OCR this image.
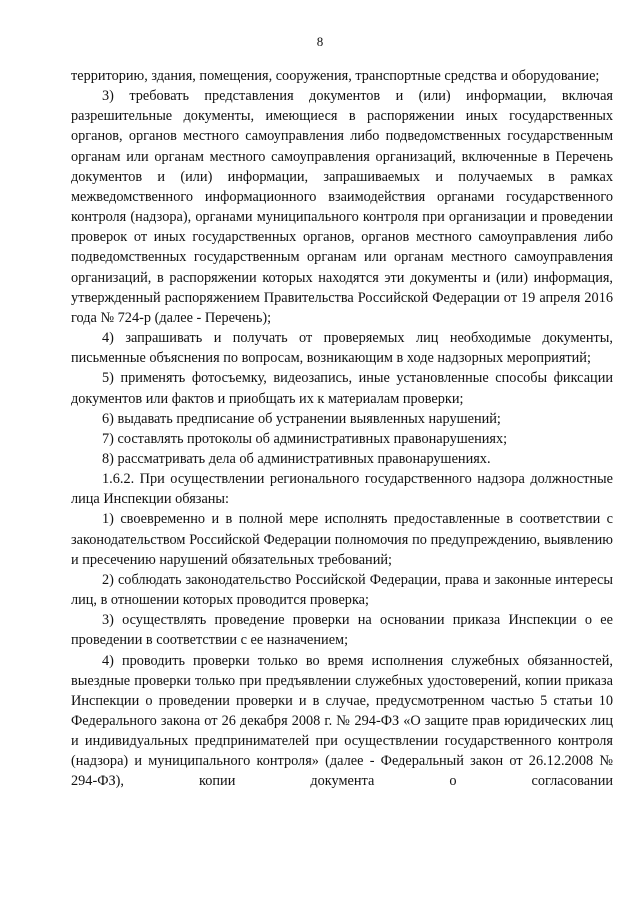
8

территорию, здания, помещения, сооружения, транспортные средства и оборудование;

3) требовать представления документов и (или) информации, включая разрешительные документы, имеющиеся в распоряжении иных государственных органов, органов местного самоуправления либо подведомственных государственным органам или органам местного самоуправления организаций, включенные в Перечень документов и (или) информации, запрашиваемых и получаемых в рамках межведомственного информационного взаимодействия органами государственного контроля (надзора), органами муниципального контроля при организации и проведении проверок от иных государственных органов, органов местного самоуправления либо подведомственных государственным органам или органам местного самоуправления организаций, в распоряжении которых находятся эти документы и (или) информация, утвержденный распоряжением Правительства Российской Федерации от 19 апреля 2016 года № 724-р (далее - Перечень);

4) запрашивать и получать от проверяемых лиц необходимые документы, письменные объяснения по вопросам, возникающим в ходе надзорных мероприятий;

5) применять фотосъемку, видеозапись, иные установленные способы фиксации документов или фактов и приобщать их к материалам проверки;

6) выдавать предписание об устранении выявленных нарушений;

7) составлять протоколы об административных правонарушениях;

8) рассматривать дела об административных правонарушениях.

1.6.2. При осуществлении регионального государственного надзора должностные лица Инспекции обязаны:

1) своевременно и в полной мере исполнять предоставленные в соответствии с законодательством Российской Федерации полномочия по предупреждению, выявлению и пресечению нарушений обязательных требований;

2) соблюдать законодательство Российской Федерации, права и законные интересы лиц, в отношении которых проводится проверка;

3) осуществлять проведение проверки на основании приказа Инспекции о ее проведении в соответствии с ее назначением;

4) проводить проверки только во время исполнения служебных обязанностей, выездные проверки только при предъявлении служебных удостоверений, копии приказа Инспекции о проведении проверки и в случае, предусмотренном частью 5 статьи 10 Федерального закона от 26 декабря 2008 г. № 294-ФЗ «О защите прав юридических лиц и индивидуальных предпринимателей при осуществлении государственного контроля (надзора) и муниципального контроля» (далее - Федеральный закон от 26.12.2008 № 294-ФЗ), копии документа о согласовании
